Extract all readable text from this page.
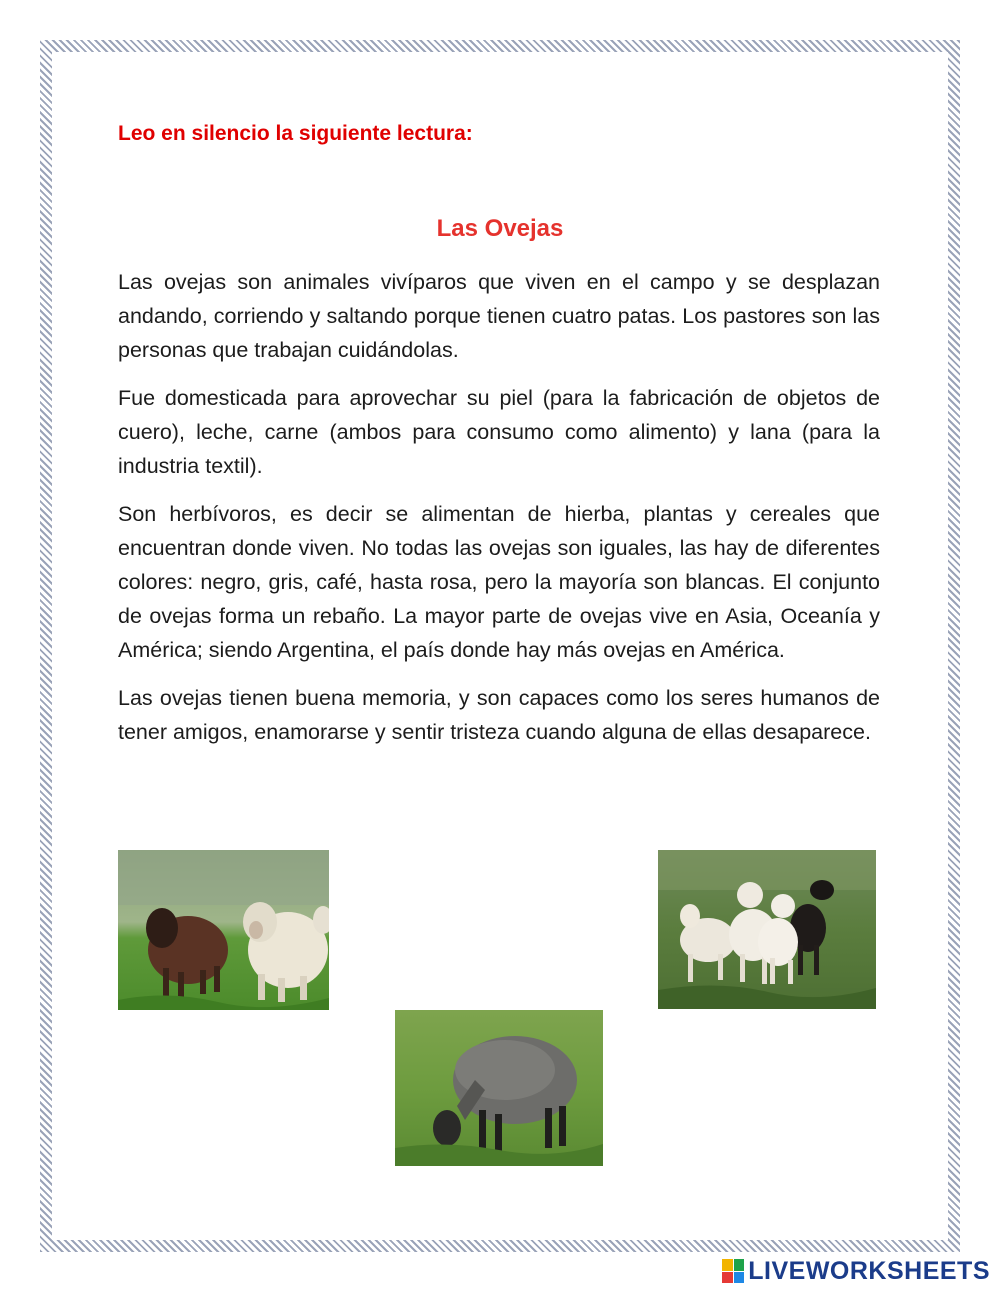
Leo en silencio la siguiente lectura:

Las Ovejas

Las ovejas son animales vivíparos que viven en el campo y se desplazan andando, corriendo y saltando porque tienen cuatro patas. Los pastores son las personas que trabajan cuidándolas.

Fue domesticada para aprovechar su piel (para la fabricación de objetos de cuero), leche, carne (ambos para consumo como alimento) y lana (para la industria textil).

Son herbívoros, es decir se alimentan de hierba, plantas y cereales que encuentran donde viven. No todas las ovejas son iguales, las hay de diferentes colores: negro, gris, café, hasta rosa, pero la mayoría son blancas. El conjunto de ovejas forma un rebaño. La mayor parte de ovejas vive en Asia, Oceanía y América; siendo Argentina, el país donde hay más ovejas en América.

Las ovejas tienen buena memoria, y son capaces como los seres humanos de tener amigos, enamorarse y sentir tristeza cuando alguna de ellas desaparece.

LIVEWORKSHEETS
